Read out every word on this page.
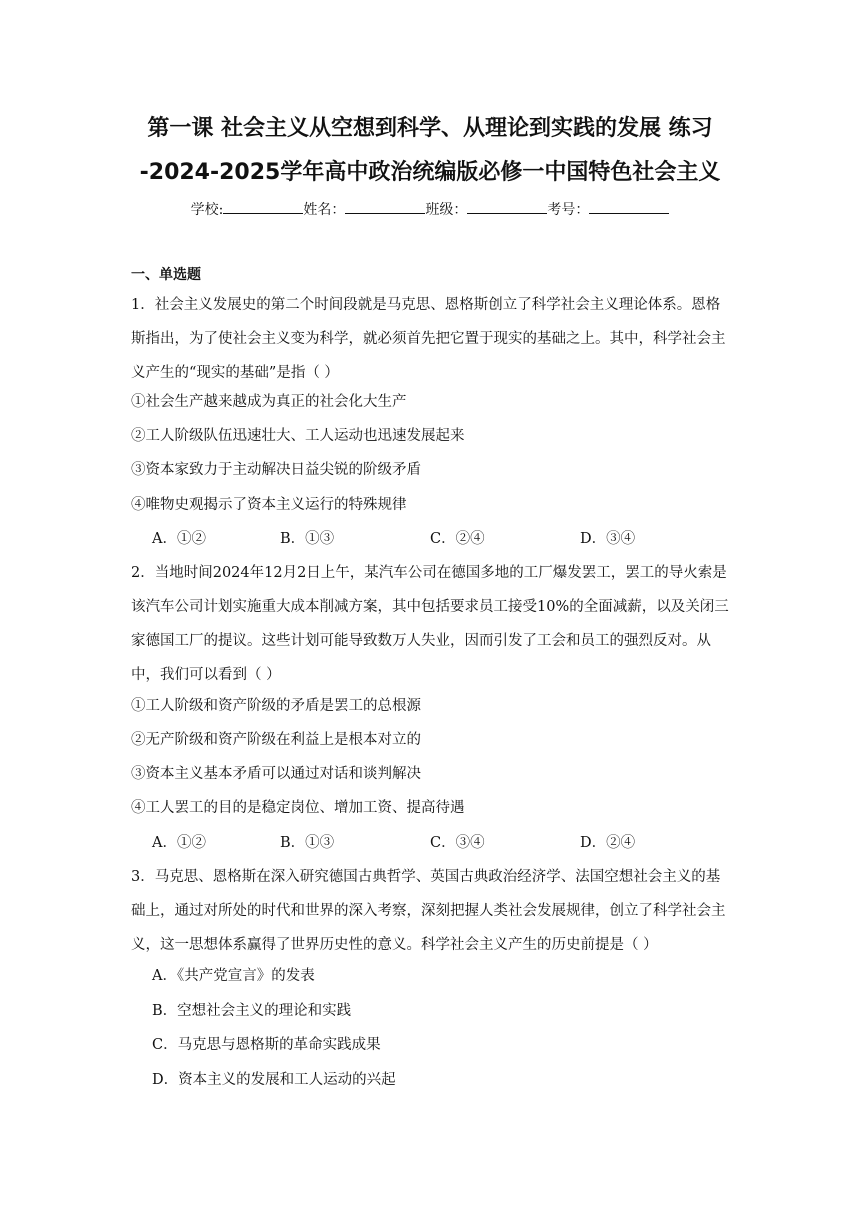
第一课 社会主义从空想到科学、从理论到实践的发展 练习
-2024-2025学年高中政治统编版必修一中国特色社会主义
学校:	姓名：	班级：	考号：
一、单选题
1．社会主义发展史的第二个时间段就是马克思、恩格斯创立了科学社会主义理论体系。恩格斯指出，为了使社会主义变为科学，就必须首先把它置于现实的基础之上。其中，科学社会主义产生的“现实的基础”是指（ ）
①社会生产越来越成为真正的社会化大生产
②工人阶级队伍迅速壮大、工人运动也迅速发展起来
③资本家致力于主动解决日益尖锐的阶级矛盾
④唯物史观揭示了资本主义运行的特殊规律
A．①②	B．①③	C．②④	D．③④
2．当地时间2024年12月2日上午，某汽车公司在德国多地的工厂爆发罢工，罢工的导火索是该汽车公司计划实施重大成本削减方案，其中包括要求员工接受10%的全面减薪，以及关闭三家德国工厂的提议。这些计划可能导致数万人失业，因而引发了工会和员工的强烈反对。从中，我们可以看到（ ）
①工人阶级和资产阶级的矛盾是罢工的总根源
②无产阶级和资产阶级在利益上是根本对立的
③资本主义基本矛盾可以通过对话和谈判解决
④工人罢工的目的是稳定岗位、增加工资、提高待遇
A．①②	B．①③	C．③④	D．②④
3．马克思、恩格斯在深入研究德国古典哲学、英国古典政治经济学、法国空想社会主义的基础上，通过对所处的时代和世界的深入考察，深刻把握人类社会发展规律，创立了科学社会主义，这一思想体系赢得了世界历史性的意义。科学社会主义产生的历史前提是（ ）
A．《共产党宣言》的发表
B．空想社会主义的理论和实践
C．马克思与恩格斯的革命实践成果
D．资本主义的发展和工人运动的兴起
